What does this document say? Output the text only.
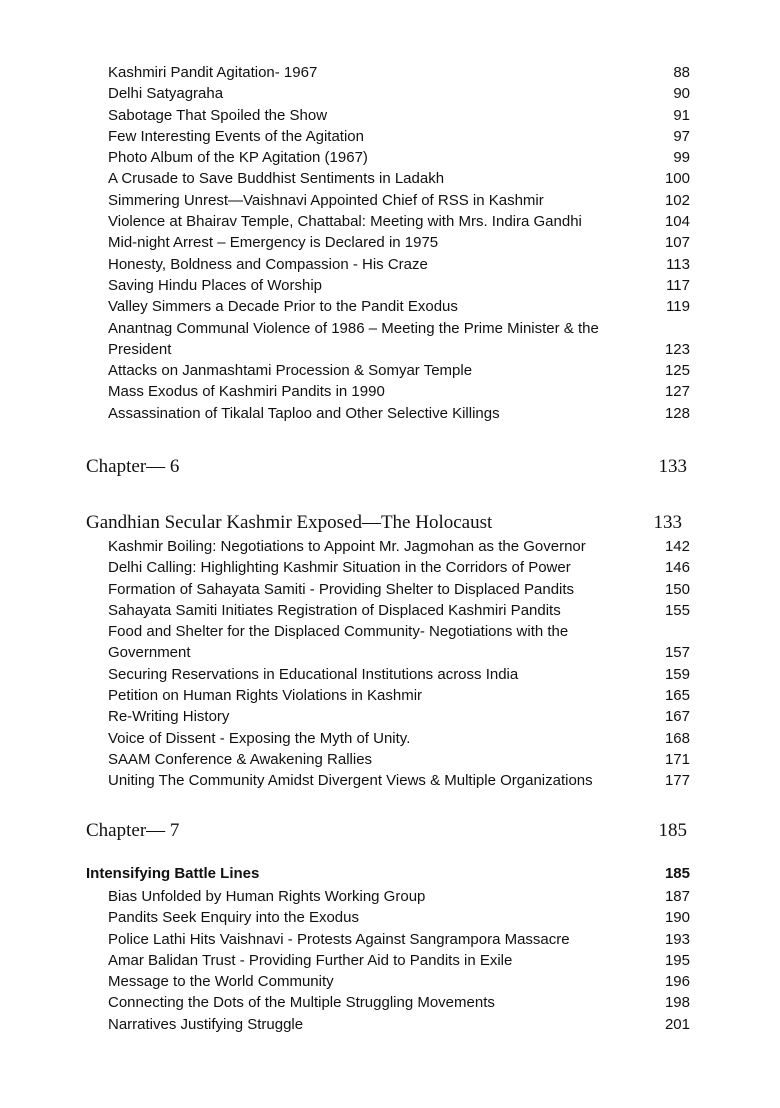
Kashmiri Pandit Agitation- 1967	88
Delhi Satyagraha	90
Sabotage That Spoiled the Show	91
Few Interesting Events of the Agitation	97
Photo Album of the KP Agitation (1967)	99
A Crusade to Save Buddhist Sentiments in Ladakh	100
Simmering Unrest—Vaishnavi Appointed Chief of RSS in Kashmir	102
Violence at Bhairav Temple, Chattabal: Meeting with Mrs. Indira Gandhi	104
Mid-night Arrest – Emergency is Declared in 1975	107
Honesty, Boldness and Compassion - His Craze	113
Saving Hindu Places of Worship	117
Valley Simmers a Decade Prior to the Pandit Exodus	119
Anantnag Communal Violence of 1986 – Meeting the Prime Minister & the President	123
Attacks on Janmashtami Procession & Somyar Temple	125
Mass Exodus of Kashmiri Pandits in 1990	127
Assassination of Tikalal Taploo and Other Selective Killings	128
Chapter— 6	133
Gandhian Secular Kashmir Exposed—The Holocaust	133
Kashmir Boiling: Negotiations to Appoint Mr. Jagmohan as the Governor	142
Delhi Calling: Highlighting Kashmir Situation in the Corridors of Power	146
Formation of Sahayata Samiti - Providing Shelter to Displaced Pandits	150
Sahayata Samiti Initiates Registration of Displaced Kashmiri Pandits	155
Food and Shelter for the Displaced Community- Negotiations with the Government	157
Securing Reservations in Educational Institutions across India	159
Petition on Human Rights Violations in Kashmir	165
Re-Writing History	167
Voice of Dissent - Exposing the Myth of Unity.	168
SAAM Conference & Awakening Rallies	171
Uniting The Community Amidst Divergent Views & Multiple Organizations	177
Chapter— 7	185
Intensifying Battle Lines	185
Bias Unfolded by Human Rights Working Group	187
Pandits Seek Enquiry into the Exodus	190
Police Lathi Hits Vaishnavi - Protests Against Sangrampora Massacre	193
Amar Balidan Trust - Providing Further Aid to Pandits in Exile	195
Message to the World Community	196
Connecting the Dots of the Multiple Struggling Movements	198
Narratives Justifying Struggle	201
